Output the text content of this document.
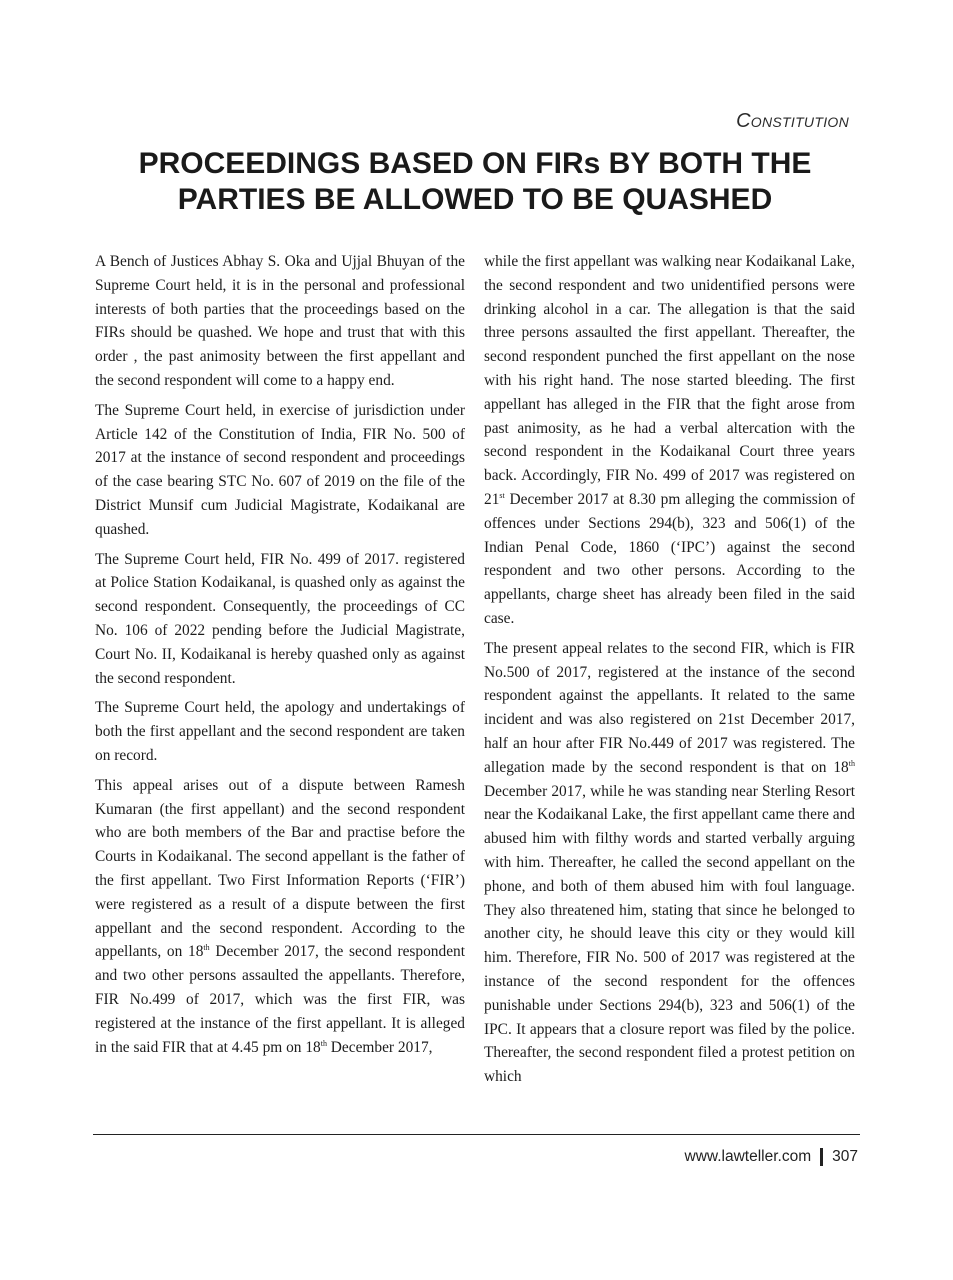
Constitution
PROCEEDINGS BASED ON FIRs BY BOTH THE
PARTIES BE ALLOWED TO BE QUASHED

A Bench of Justices Abhay S. Oka and Ujjal Bhuyan of the Supreme Court held, it is in the personal and professional interests of both parties that the proceedings based on the FIRs should be quashed. We hope and trust that with this order , the past animosity between the first appellant and the second respondent will come to a happy end.

The Supreme Court held, in exercise of jurisdiction under Article 142 of the Constitution of India, FIR No. 500 of 2017 at the instance of second respondent and proceedings of the case bearing STC No. 607 of 2019 on the file of the District Munsif cum Judicial Magistrate, Kodaikanal are quashed.

The Supreme Court held, FIR No. 499 of 2017. registered at Police Station Kodaikanal, is quashed only as against the second respondent. Consequently, the proceedings of CC No. 106 of 2022 pending before the Judicial Magistrate, Court No. II, Kodaikanal is hereby quashed only as against the second respondent.

The Supreme Court held, the apology and undertakings of both the first appellant and the second respondent are taken on record.

This appeal arises out of a dispute between Ramesh Kumaran (the first appellant) and the second respondent who are both members of the Bar and practise before the Courts in Kodaikanal. The second appellant is the father of the first appellant. Two First Information Reports (‘FIR’) were registered as a result of a dispute between the first appellant and the second respondent. According to the appellants, on 18th December 2017, the second respondent and two other persons assaulted the appellants. Therefore, FIR No.499 of 2017, which was the first FIR, was registered at the instance of the first appellant. It is alleged in the said FIR that at 4.45 pm on 18th December 2017,

while the first appellant was walking near Kodaikanal Lake, the second respondent and two unidentified persons were drinking alcohol in a car. The allegation is that the said three persons assaulted the first appellant. Thereafter, the second respondent punched the first appellant on the nose with his right hand. The nose started bleeding. The first appellant has alleged in the FIR that the fight arose from past animosity, as he had a verbal altercation with the second respondent in the Kodaikanal Court three years back. Accordingly, FIR No. 499 of 2017 was registered on 21st December 2017 at 8.30 pm alleging the commission of offences under Sections 294(b), 323 and 506(1) of the Indian Penal Code, 1860 (‘IPC’) against the second respondent and two other persons. According to the appellants, charge sheet has already been filed in the said case.

The present appeal relates to the second FIR, which is FIR No.500 of 2017, registered at the instance of the second respondent against the appellants. It related to the same incident and was also registered on 21st December 2017, half an hour after FIR No.449 of 2017 was registered. The allegation made by the second respondent is that on 18th December 2017, while he was standing near Sterling Resort near the Kodaikanal Lake, the first appellant came there and abused him with filthy words and started verbally arguing with him. Thereafter, he called the second appellant on the phone, and both of them abused him with foul language. They also threatened him, stating that since he belonged to another city, he should leave this city or they would kill him. Therefore, FIR No. 500 of 2017 was registered at the instance of the second respondent for the offences punishable under Sections 294(b), 323 and 506(1) of the IPC. It appears that a closure report was filed by the police. Thereafter, the second respondent filed a protest petition on which

www.lawteller.com 307
